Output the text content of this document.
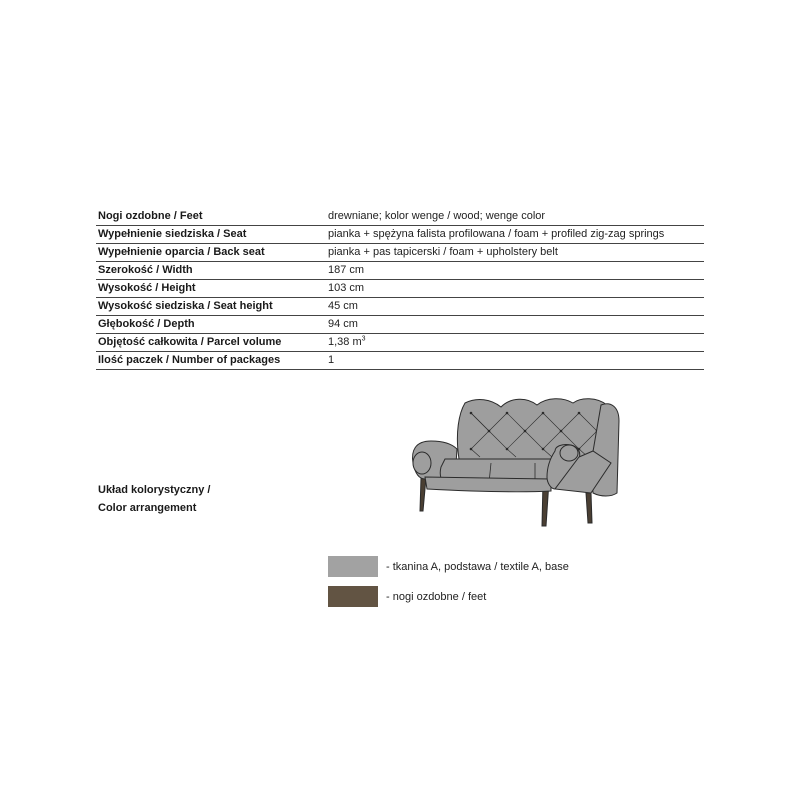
Nogi ozdobne / Feet	drewniane; kolor wenge / wood; wenge color
Wypełnienie siedziska / Seat	pianka + spężyna falista profilowana / foam + profiled zig-zag springs
Wypełnienie oparcia / Back seat	pianka + pas tapicerski / foam + upholstery belt
Szerokość / Width	187 cm
Wysokość / Height	103 cm
Wysokość siedziska / Seat height	45 cm
Głębokość / Depth	94 cm
Objętość całkowita / Parcel volume	1,38 $m^3$
Ilość paczek / Number of packages	1
Układ kolorystyczny /
Color arrangement
- tkanina A, podstawa / textile A, base
- nogi ozdobne / feet
